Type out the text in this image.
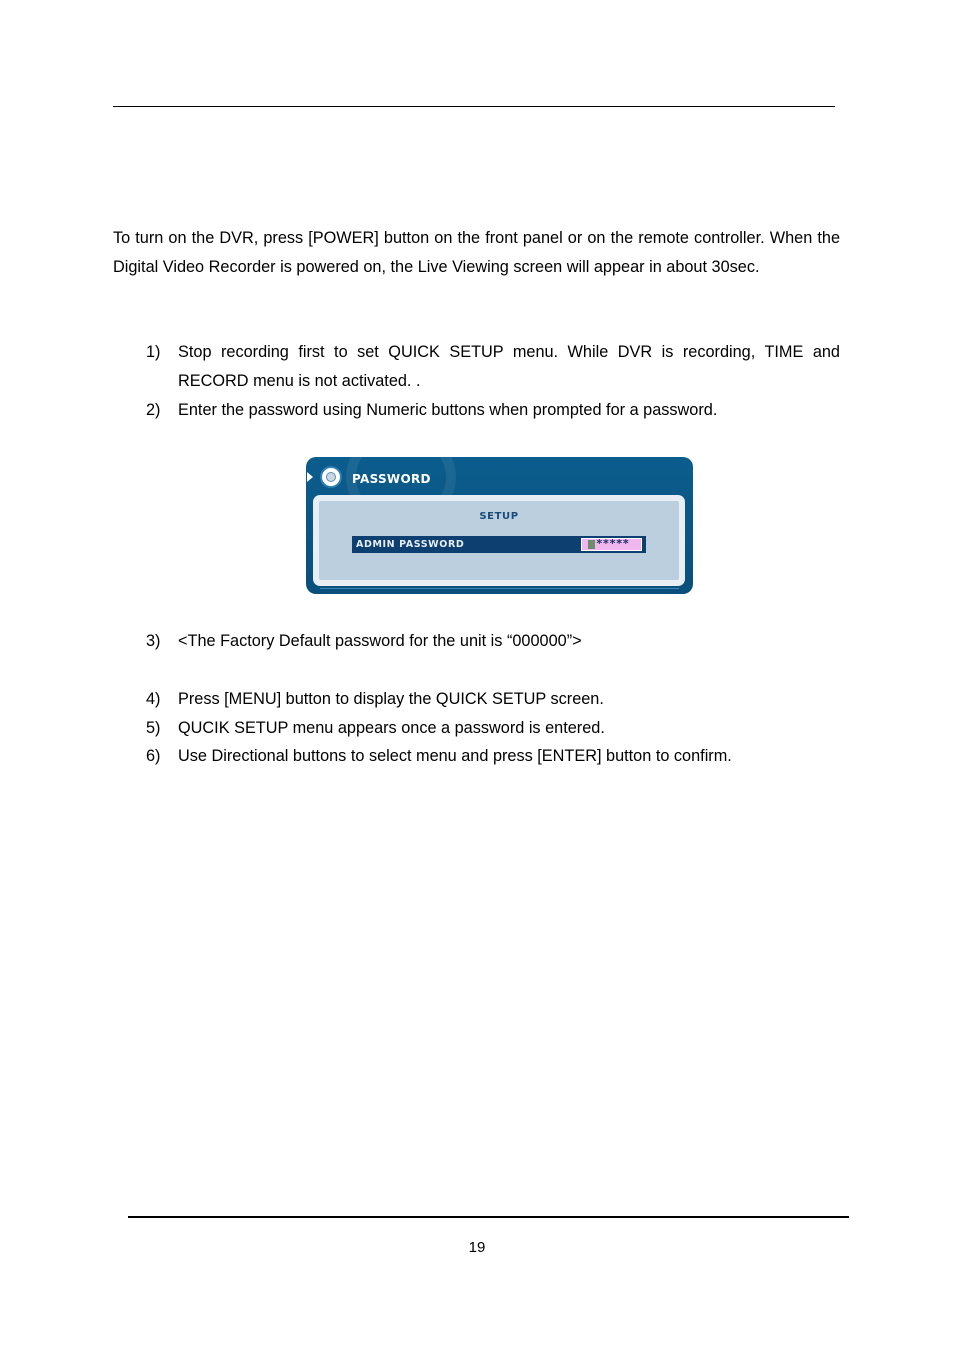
To turn on the DVR, press [POWER] button on the front panel or on the remote controller. When the Digital Video Recorder is powered on, the Live Viewing screen will appear in about 30sec.

1) Stop recording first to set QUICK SETUP menu. While DVR is recording, TIME and RECORD menu is not activated. .
2) Enter the password using Numeric buttons when prompted for a password.
PASSWORD
SETUP
ADMIN PASSWORD	*****
3) <The Factory Default password for the unit is “000000”>
4) Press [MENU] button to display the QUICK SETUP screen.
5) QUCIK SETUP menu appears once a password is entered.
6) Use Directional buttons to select menu and press [ENTER] button to confirm.
19
